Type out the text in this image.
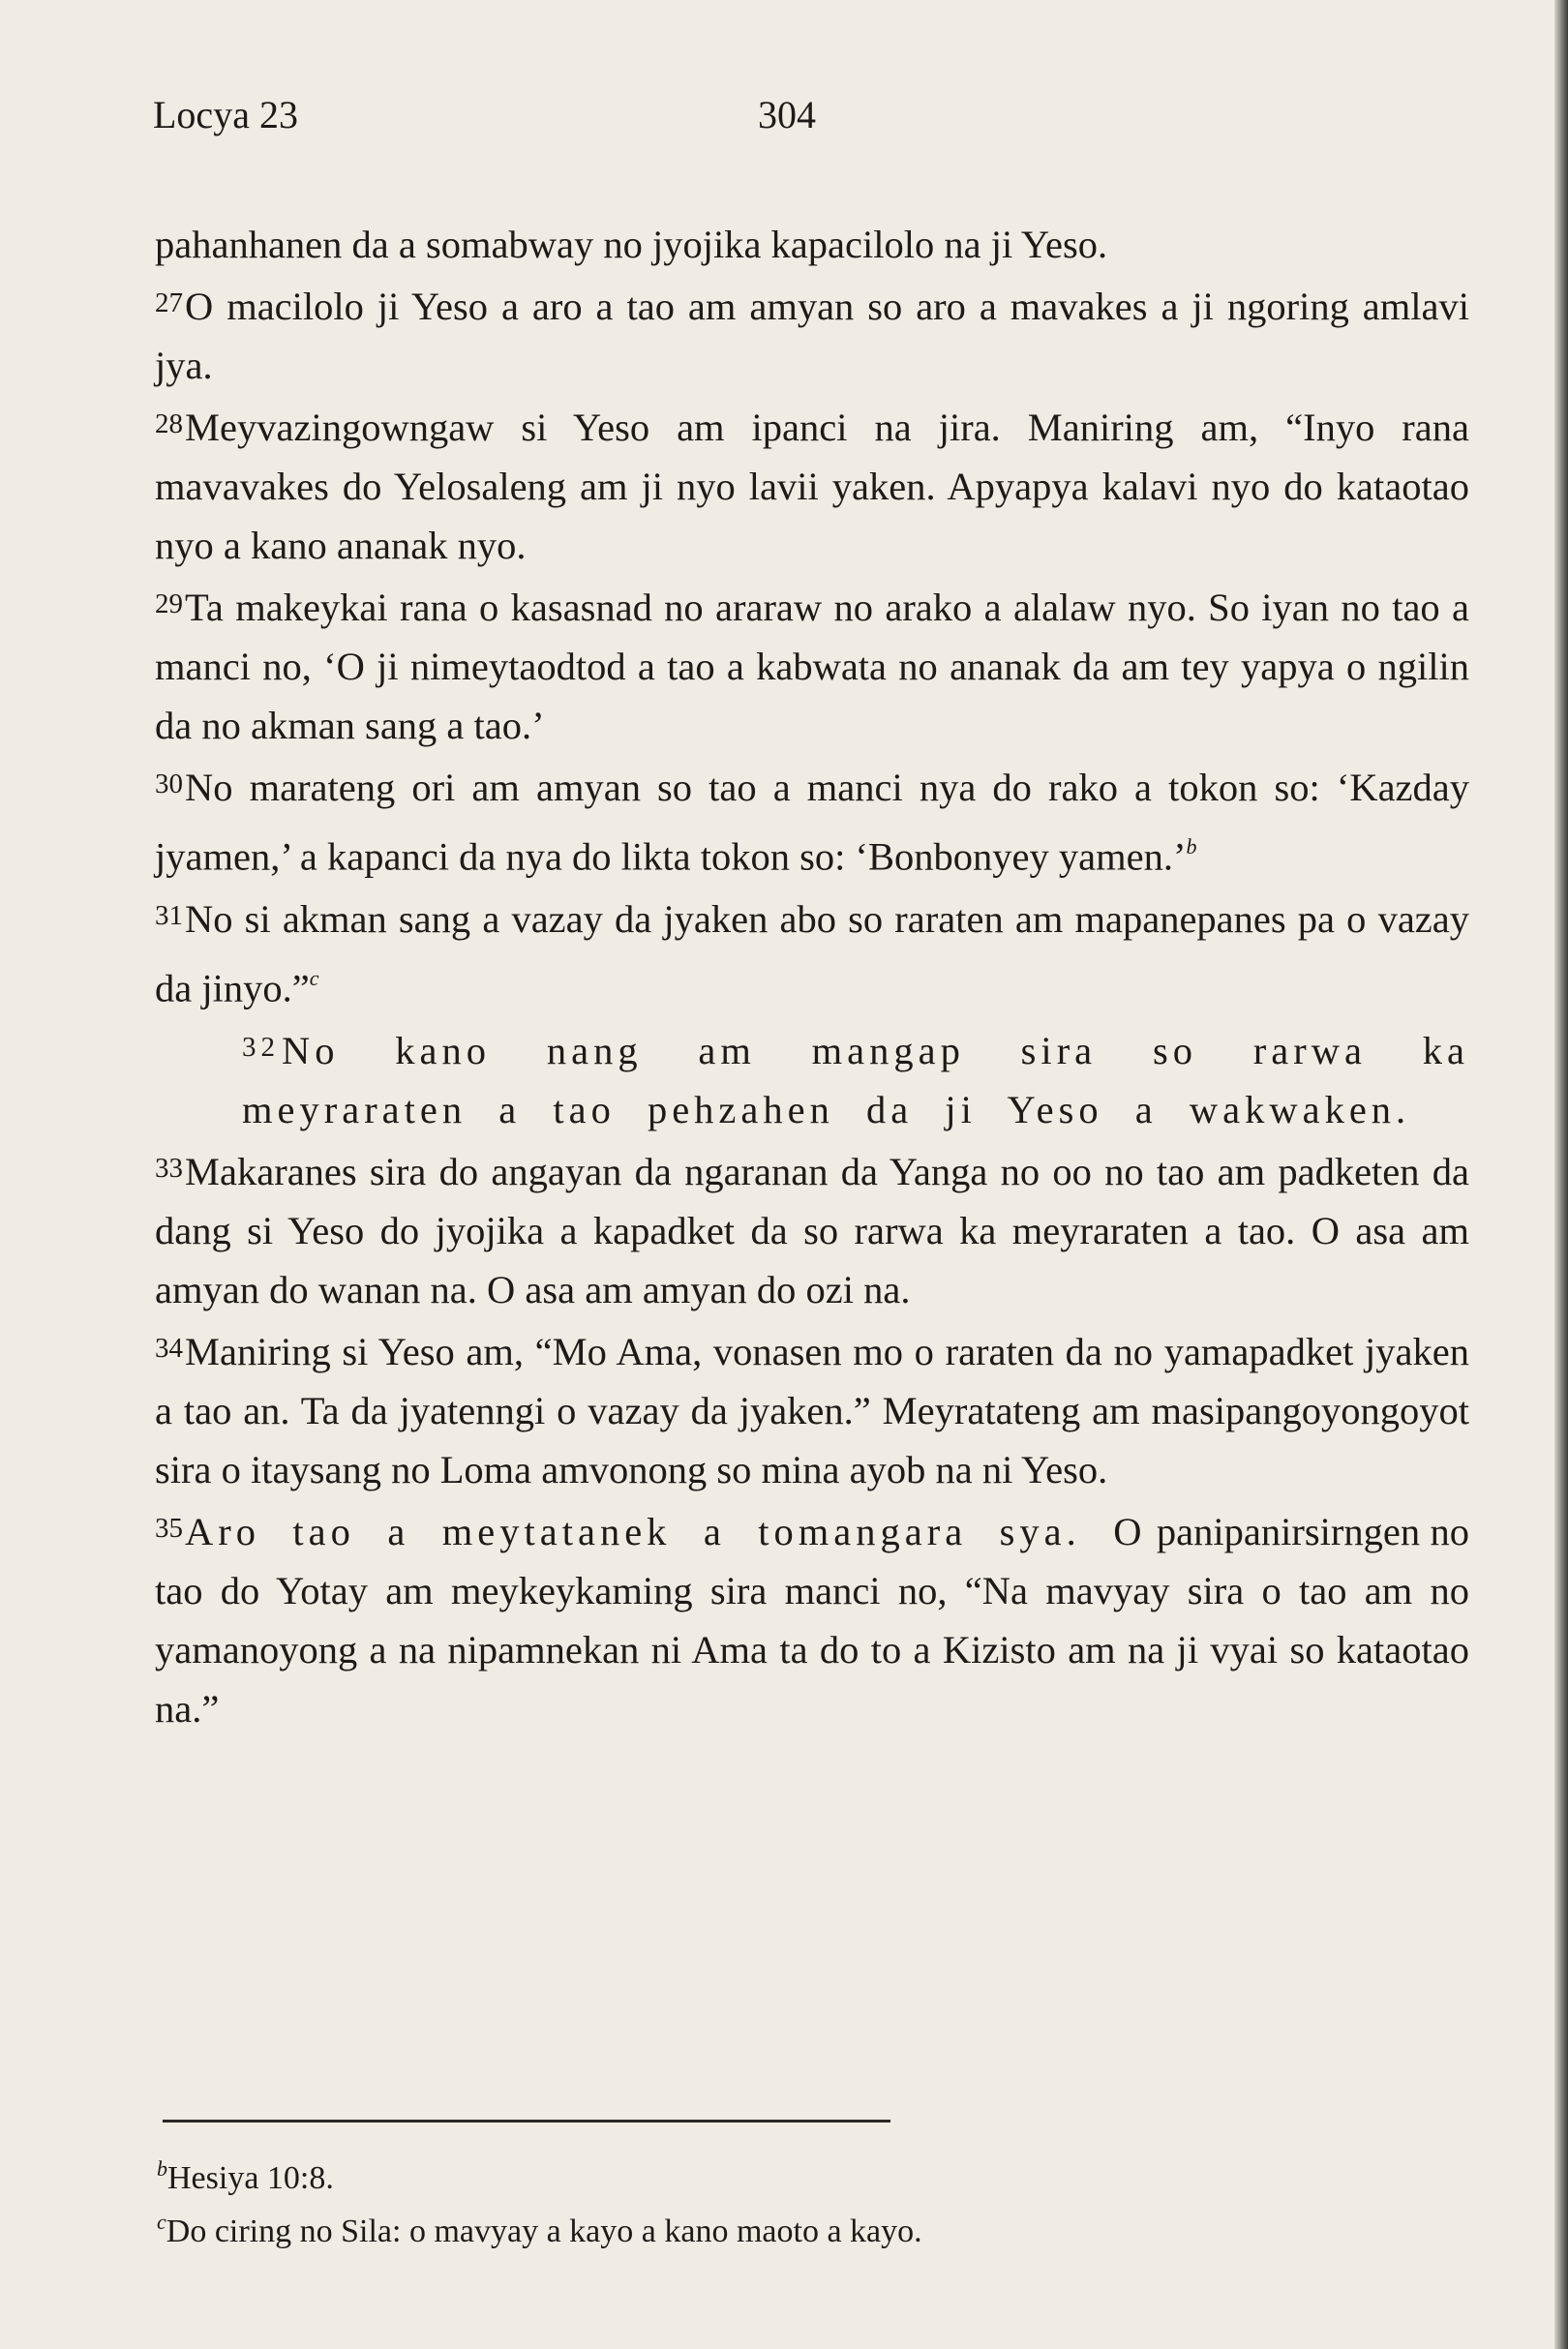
Locya 23	304

pahanhanen da a somabway no jyojika kapacilolo na ji Yeso.

$^{27}$O macilolo ji Yeso a aro a tao am amyan so aro a mavakes a ji ngoring amlavi jya.

$^{28}$Meyvazingowngaw si Yeso am ipanci na jira. Maniring am, “Inyo rana mavavakes do Yelosaleng am ji nyo lavii yaken. Apyapya kalavi nyo do kataotao nyo a kano ananak nyo.

$^{29}$Ta makeykai rana o kasasnad no araraw no arako a alalaw nyo. So iyan no tao a manci no, ‘O ji nimeytaodtod a tao a kabwata no ananak da am tey yapya o ngilin da no akman sang a tao.’

$^{30}$No marateng ori am amyan so tao a manci nya do rako a tokon so: ‘Kazday jyamen,’ a kapanci da nya do likta tokon so: ‘Bonbonyey yamen.’$^b$

$^{31}$No si akman sang a vazay da jyaken abo so raraten am mapanepanes pa o vazay da jinyo.”$^c$

$^{32}$No kano nang am mangap sira so rarwa ka meyraraten a tao pehzahen da ji Yeso a wakwaken.

$^{33}$Makaranes sira do angayan da ngaranan da Yanga no oo no tao am padketen da dang si Yeso do jyojika a kapadket da so rarwa ka meyraraten a tao. O asa am amyan do wanan na. O asa am amyan do ozi na.

$^{34}$Maniring si Yeso am, “Mo Ama, vonasen mo o raraten da no yamapadket jyaken a tao an. Ta da jyatenngi o vazay da jyaken.” Meyratateng am masipangoyongoyot sira o itaysang no Loma amvonong so mina ayob na ni Yeso.

$^{35}$Aro tao a meytatanek a tomangara sya. O panipanirsirngen no tao do Yotay am meykeykaming sira manci no, “Na mavyay sira o tao am no yamanoyong a na nipamnekan ni Ama ta do to a Kizisto am na ji vyai so kataotao na.”

$^b$Hesiya 10:8.

$^c$Do ciring no Sila: o mavyay a kayo a kano maoto a kayo.
